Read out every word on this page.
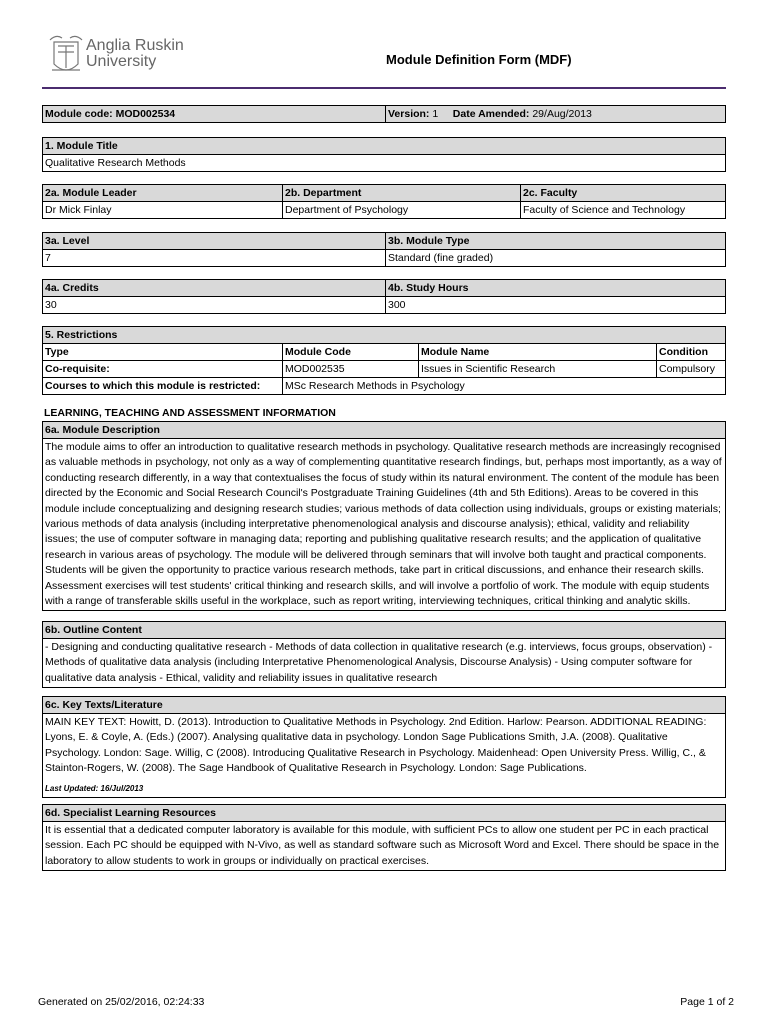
Anglia Ruskin
University	Module Definition Form (MDF)
Module code: MOD002534	Version: 1 Date Amended: 29/Aug/2013
1. Module Title
Qualitative Research Methods
2a. Module Leader	2b. Department	2c. Faculty
Dr Mick Finlay	Department of Psychology	Faculty of Science and Technology
3a. Level	3b. Module Type
7	Standard (fine graded)
4a. Credits	4b. Study Hours
30	300
5. Restrictions			
Type	Module Code	Module Name	Condition
Co-requisite:	MOD002535	Issues in Scientific Research	Compulsory
Courses to which this module is restricted:	MSc Research Methods in Psychology		
LEARNING, TEACHING AND ASSESSMENT INFORMATION
6a. Module Description
The module aims to offer an introduction to qualitative research methods in psychology. Qualitative research methods are increasingly recognised as valuable methods in psychology, not only as a way of complementing quantitative research findings, but, perhaps most importantly, as a way of conducting research differently, in a way that contextualises the focus of study within its natural environment. The content of the module has been directed by the Economic and Social Research Council's Postgraduate Training Guidelines (4th and 5th Editions). Areas to be covered in this module include conceptualizing and designing research studies; various methods of data collection using individuals, groups or existing materials; various methods of data analysis (including interpretative phenomenological analysis and discourse analysis); ethical, validity and reliability issues; the use of computer software in managing data; reporting and publishing qualitative research results; and the application of qualitative research in various areas of psychology. The module will be delivered through seminars that will involve both taught and practical components. Students will be given the opportunity to practice various research methods, take part in critical discussions, and enhance their research skills. Assessment exercises will test students' critical thinking and research skills, and will involve a portfolio of work. The module with equip students with a range of transferable skills useful in the workplace, such as report writing, interviewing techniques, critical thinking and analytic skills.
6b. Outline Content
- Designing and conducting qualitative research - Methods of data collection in qualitative research (e.g. interviews, focus groups, observation) - Methods of qualitative data analysis (including Interpretative Phenomenological Analysis, Discourse Analysis) - Using computer software for qualitative data analysis - Ethical, validity and reliability issues in qualitative research
6c. Key Texts/Literature

MAIN KEY TEXT: Howitt, D. (2013). Introduction to Qualitative Methods in Psychology. 2nd Edition. Harlow: Pearson. ADDITIONAL READING: Lyons, E. & Coyle, A. (Eds.) (2007). Analysing qualitative data in psychology. London Sage Publications Smith, J.A. (2008). Qualitative Psychology. London: Sage. Willig, C (2008). Introducing Qualitative Research in Psychology. Maidenhead: Open University Press. Willig, C., & Stainton-Rogers, W. (2008). The Sage Handbook of Qualitative Research in Psychology. London: Sage Publications.
Last Updated: 16/Jul/2013
6d. Specialist Learning Resources
It is essential that a dedicated computer laboratory is available for this module, with sufficient PCs to allow one student per PC in each practical session. Each PC should be equipped with N-Vivo, as well as standard software such as Microsoft Word and Excel. There should be space in the laboratory to allow students to work in groups or individually on practical exercises.
Generated on 25/02/2016, 02:24:33	Page 1 of 2
